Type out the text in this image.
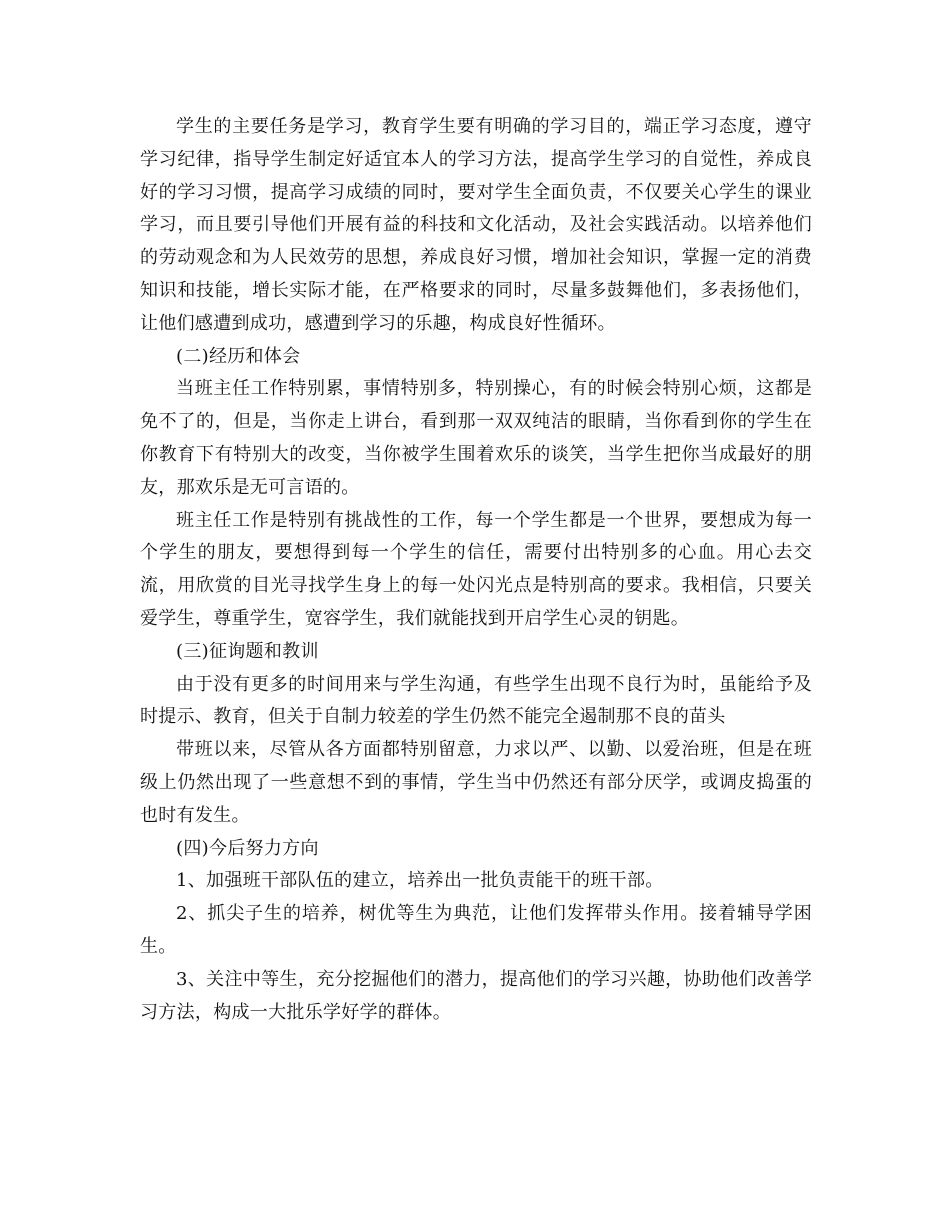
学生的主要任务是学习，教育学生要有明确的学习目的，端正学习态度，遵守学习纪律，指导学生制定好适宜本人的学习方法，提高学生学习的自觉性，养成良好的学习习惯，提高学习成绩的同时，要对学生全面负责，不仅要关心学生的课业学习，而且要引导他们开展有益的科技和文化活动，及社会实践活动。以培养他们的劳动观念和为人民效劳的思想，养成良好习惯，增加社会知识，掌握一定的消费知识和技能，增长实际才能，在严格要求的同时，尽量多鼓舞他们，多表扬他们，让他们感遭到成功，感遭到学习的乐趣，构成良好性循环。

(二)经历和体会

当班主任工作特别累，事情特别多，特别操心，有的时候会特别心烦，这都是免不了的，但是，当你走上讲台，看到那一双双纯洁的眼睛，当你看到你的学生在你教育下有特别大的改变，当你被学生围着欢乐的谈笑，当学生把你当成最好的朋友，那欢乐是无可言语的。

班主任工作是特别有挑战性的工作，每一个学生都是一个世界，要想成为每一个学生的朋友，要想得到每一个学生的信任，需要付出特别多的心血。用心去交流，用欣赏的目光寻找学生身上的每一处闪光点是特别高的要求。我相信，只要关爱学生，尊重学生，宽容学生，我们就能找到开启学生心灵的钥匙。

(三)征询题和教训

由于没有更多的时间用来与学生沟通，有些学生出现不良行为时，虽能给予及时提示、教育，但关于自制力较差的学生仍然不能完全遏制那不良的苗头

带班以来，尽管从各方面都特别留意，力求以严、以勤、以爱治班，但是在班级上仍然出现了一些意想不到的事情，学生当中仍然还有部分厌学，或调皮捣蛋的也时有发生。

(四)今后努力方向

1、加强班干部队伍的建立，培养出一批负责能干的班干部。

2、抓尖子生的培养，树优等生为典范，让他们发挥带头作用。接着辅导学困生。

3、关注中等生，充分挖掘他们的潜力，提高他们的学习兴趣，协助他们改善学习方法，构成一大批乐学好学的群体。
